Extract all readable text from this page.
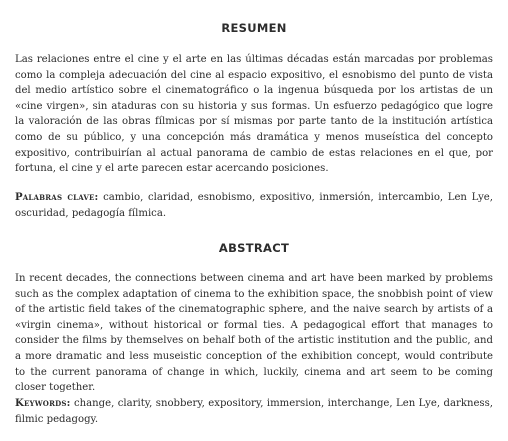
RESUMEN

Las relaciones entre el cine y el arte en las últimas décadas están marcadas por problemas como la compleja adecuación del cine al espacio expositivo, el esnobismo del punto de vista del medio artístico sobre el cinematográfico o la ingenua búsqueda por los artistas de un «cine virgen», sin ataduras con su historia y sus formas. Un esfuerzo pedagógico que logre la valoración de las obras fílmicas por sí mismas por parte tanto de la institución artística como de su público, y una concepción más dramática y menos museística del concepto expositivo, contribuirían al actual panorama de cambio de estas relaciones en el que, por fortuna, el cine y el arte parecen estar acercando posiciones.

Palabras clave: cambio, claridad, esnobismo, expositivo, inmersión, intercambio, Len Lye, oscuridad, pedagogía fílmica.

ABSTRACT

In recent decades, the connections between cinema and art have been marked by problems such as the complex adaptation of cinema to the exhibition space, the snobbish point of view of the artistic field takes of the cinematographic sphere, and the naive search by artists of a «virgin cinema», without historical or formal ties. A pedagogical effort that manages to consider the films by themselves on behalf both of the artistic institution and the public, and a more dramatic and less museistic conception of the exhibition concept, would contribute to the current panorama of change in which, luckily, cinema and art seem to be coming closer together.

Keywords: change, clarity, snobbery, expository, immersion, interchange, Len Lye, darkness, filmic pedagogy.
